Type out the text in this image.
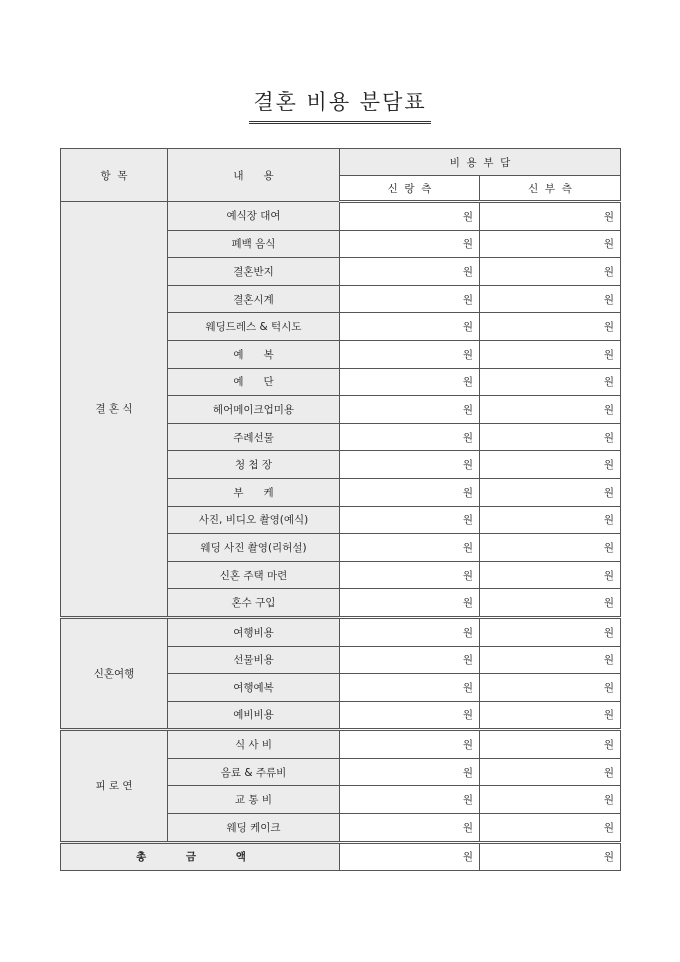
결혼 비용 분담표
항  목	내      용	비  용  부  담	
		신  랑  측	신  부  측
결 혼 식	예식장 대여	원	원
	폐백 음식	원	원
	결혼반지	원	원
	결혼시계	원	원
	웨딩드레스 & 턱시도	원	원
	예      복	원	원
	예      단	원	원
	헤어메이크업미용	원	원
	주례선물	원	원
	청 첩 장	원	원
	부      케	원	원
	사진, 비디오 촬영(예식)	원	원
	웨딩 사진 촬영(리허설)	원	원
	신혼 주택 마련	원	원
	혼수 구입	원	원
신혼여행	여행비용	원	원
	선물비용	원	원
	여행예복	원	원
	예비비용	원	원
피 로 연	식 사 비	원	원
	음료 & 주류비	원	원
	교 통 비	원	원
	웨딩 케이크	원	원
총 금 액		원	원
